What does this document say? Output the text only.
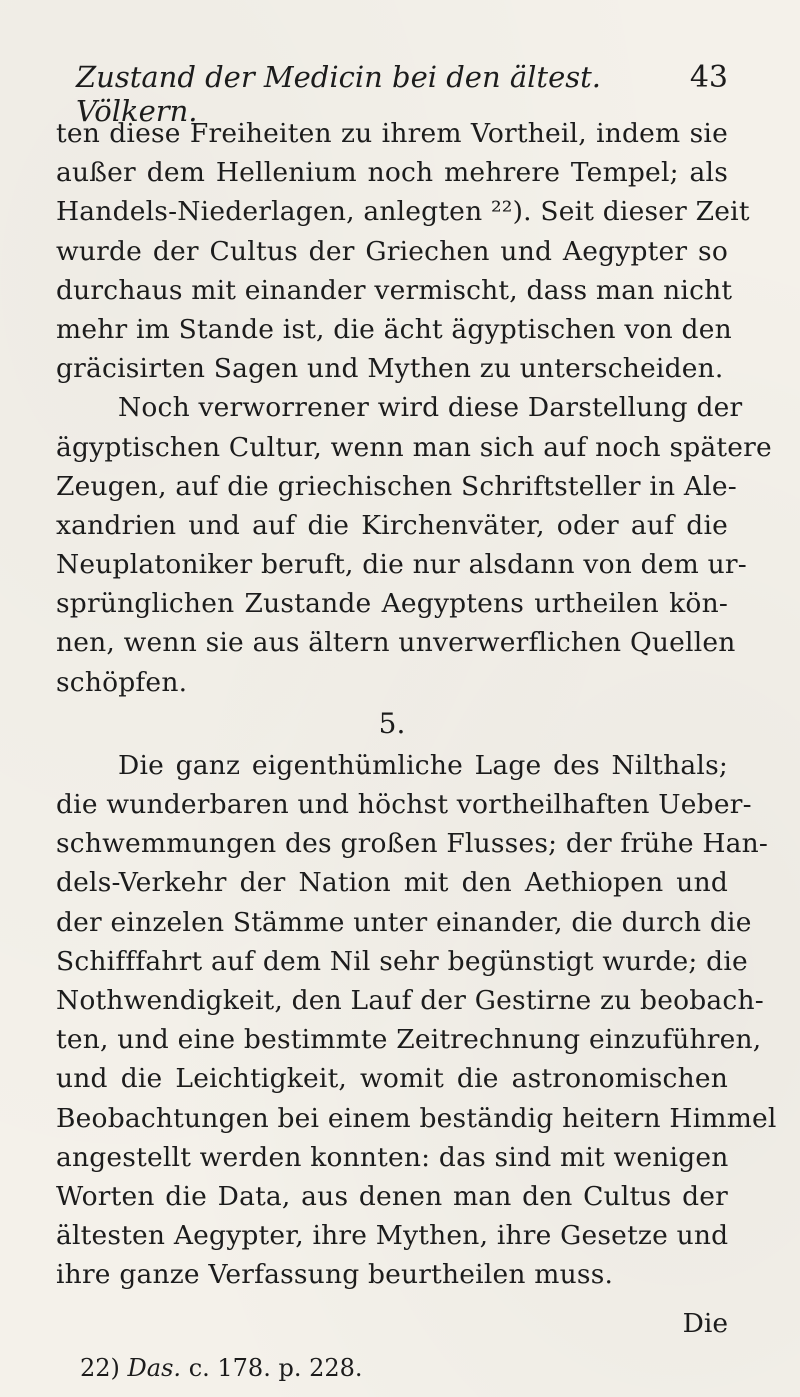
Zustand der Medicin bei den ältest. Völkern.
43
ten diese Freiheiten zu ihrem Vortheil, indem sie
außer dem Hellenium noch mehrere Tempel; als
Handels-Niederlagen, anlegten ²²). Seit dieser Zeit
wurde der Cultus der Griechen und Aegypter so
durchaus mit einander vermischt, dass man nicht
mehr im Stande ist, die ächt ägyptischen von den
gräcisirten Sagen und Mythen zu unterscheiden.
Noch verworrener wird diese Darstellung der
ägyptischen Cultur, wenn man sich auf noch spätere
Zeugen, auf die griechischen Schriftsteller in Ale-
xandrien und auf die Kirchenväter, oder auf die
Neuplatoniker beruft, die nur alsdann von dem ur-
sprünglichen Zustande Aegyptens urtheilen kön-
nen, wenn sie aus ältern unverwerflichen Quellen
schöpfen.
5.
Die ganz eigenthümliche Lage des Nilthals;
die wunderbaren und höchst vortheilhaften Ueber-
schwemmungen des großen Flusses; der frühe Han-
dels-Verkehr der Nation mit den Aethiopen und
der einzelen Stämme unter einander, die durch die
Schifffahrt auf dem Nil sehr begünstigt wurde; die
Nothwendigkeit, den Lauf der Gestirne zu beobach-
ten, und eine bestimmte Zeitrechnung einzuführen,
und die Leichtigkeit, womit die astronomischen
Beobachtungen bei einem beständig heitern Himmel
angestellt werden konnten: das sind mit wenigen
Worten die Data, aus denen man den Cultus der
ältesten Aegypter, ihre Mythen, ihre Gesetze und
ihre ganze Verfassung beurtheilen muss.
Die
22) Das. c. 178. p. 228.
